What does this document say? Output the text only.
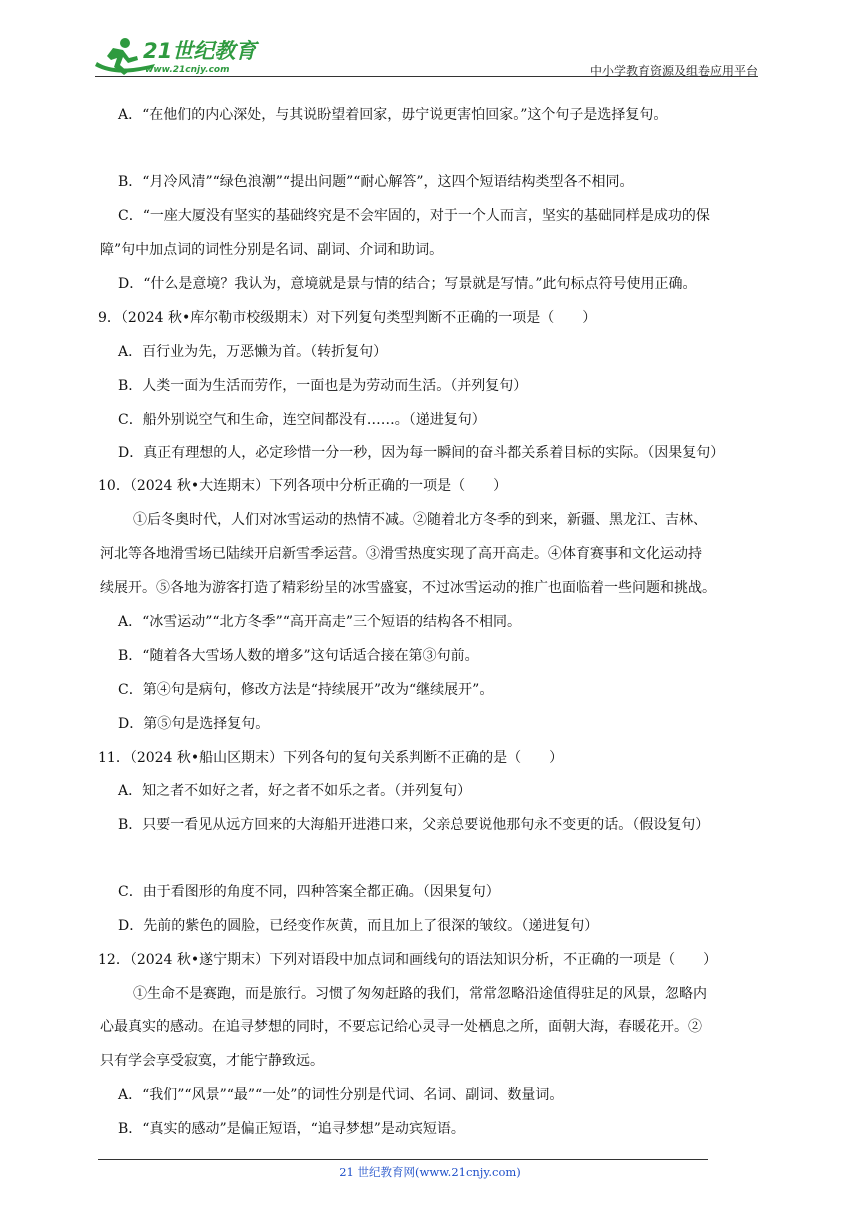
21世纪教育
www.21cnjy.com	中小学教育资源及组卷应用平台
A．“在他们的内心深处，与其说盼望着回家，毋宁说更害怕回家。”这个句子是选择复句。
B．“月冷风清”“绿色浪潮”“提出问题”“耐心解答”，这四个短语结构类型各不相同。
C．“一座大厦没有坚实的基础终究是不会牢固的，对于一个人而言，坚实的基础同样是成功的保
障”句中加点词的词性分别是名词、副词、介词和助词。
D．“什么是意境？我认为，意境就是景与情的结合；写景就是写情。”此句标点符号使用正确。
9．（2024 秋•库尔勒市校级期末）对下列复句类型判断不正确的一项是（　　）
A．百行业为先，万恶懒为首。（转折复句）
B．人类一面为生活而劳作，一面也是为劳动而生活。（并列复句）
C．船外别说空气和生命，连空间都没有……。（递进复句）
D．真正有理想的人，必定珍惜一分一秒，因为每一瞬间的奋斗都关系着目标的实际。（因果复句）
10．（2024 秋•大连期末）下列各项中分析正确的一项是（　　）
①后冬奥时代，人们对冰雪运动的热情不减。②随着北方冬季的到来，新疆、黑龙江、吉林、
河北等各地滑雪场已陆续开启新雪季运营。③滑雪热度实现了高开高走。④体育赛事和文化运动持
续展开。⑤各地为游客打造了精彩纷呈的冰雪盛宴，不过冰雪运动的推广也面临着一些问题和挑战。
A．“冰雪运动”“北方冬季”“高开高走”三个短语的结构各不相同。
B．“随着各大雪场人数的增多”这句话适合接在第③句前。
C．第④句是病句，修改方法是“持续展开”改为“继续展开”。
D．第⑤句是选择复句。
11．（2024 秋•船山区期末）下列各句的复句关系判断不正确的是（　　）
A．知之者不如好之者，好之者不如乐之者。（并列复句）
B．只要一看见从远方回来的大海船开进港口来，父亲总要说他那句永不变更的话。（假设复句）
C．由于看图形的角度不同，四种答案全都正确。（因果复句）
D．先前的紫色的圆脸，已经变作灰黄，而且加上了很深的皱纹。（递进复句）
12．（2024 秋•遂宁期末）下列对语段中加点词和画线句的语法知识分析，不正确的一项是（　　）
①生命不是赛跑，而是旅行。习惯了匆匆赶路的我们，常常忽略沿途值得驻足的风景，忽略内
心最真实的感动。在追寻梦想的同时，不要忘记给心灵寻一处栖息之所，面朝大海，春暖花开。②
只有学会享受寂寞，才能宁静致远。
A．“我们”“风景”“最”“一处”的词性分别是代词、名词、副词、数量词。
B．“真实的感动”是偏正短语，“追寻梦想”是动宾短语。
21 世纪教育网(www.21cnjy.com)
